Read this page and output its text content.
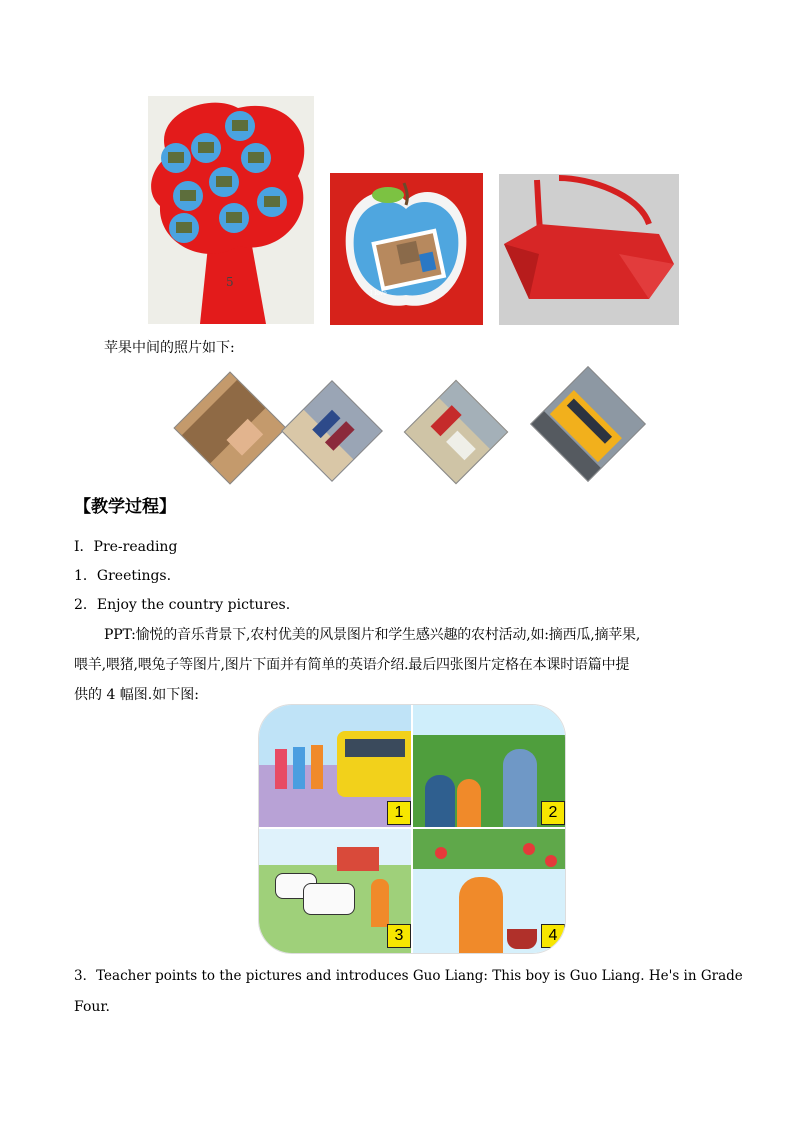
5
I love
苹果中间的照片如下:
【教学过程】
Ⅰ．Pre-reading
1．Greetings.
2．Enjoy the country pictures.
PPT:愉悦的音乐背景下,农村优美的风景图片和学生感兴趣的农村活动,如:摘西瓜,摘苹果,
喂羊,喂猪,喂兔子等图片,图片下面并有简单的英语介绍.最后四张图片定格在本课时语篇中提
供的 4 幅图.如下图:
1	2
3	4
3．Teacher points to the pictures and introduces Guo Liang: This boy is Guo Liang. He's in Grade
Four.
